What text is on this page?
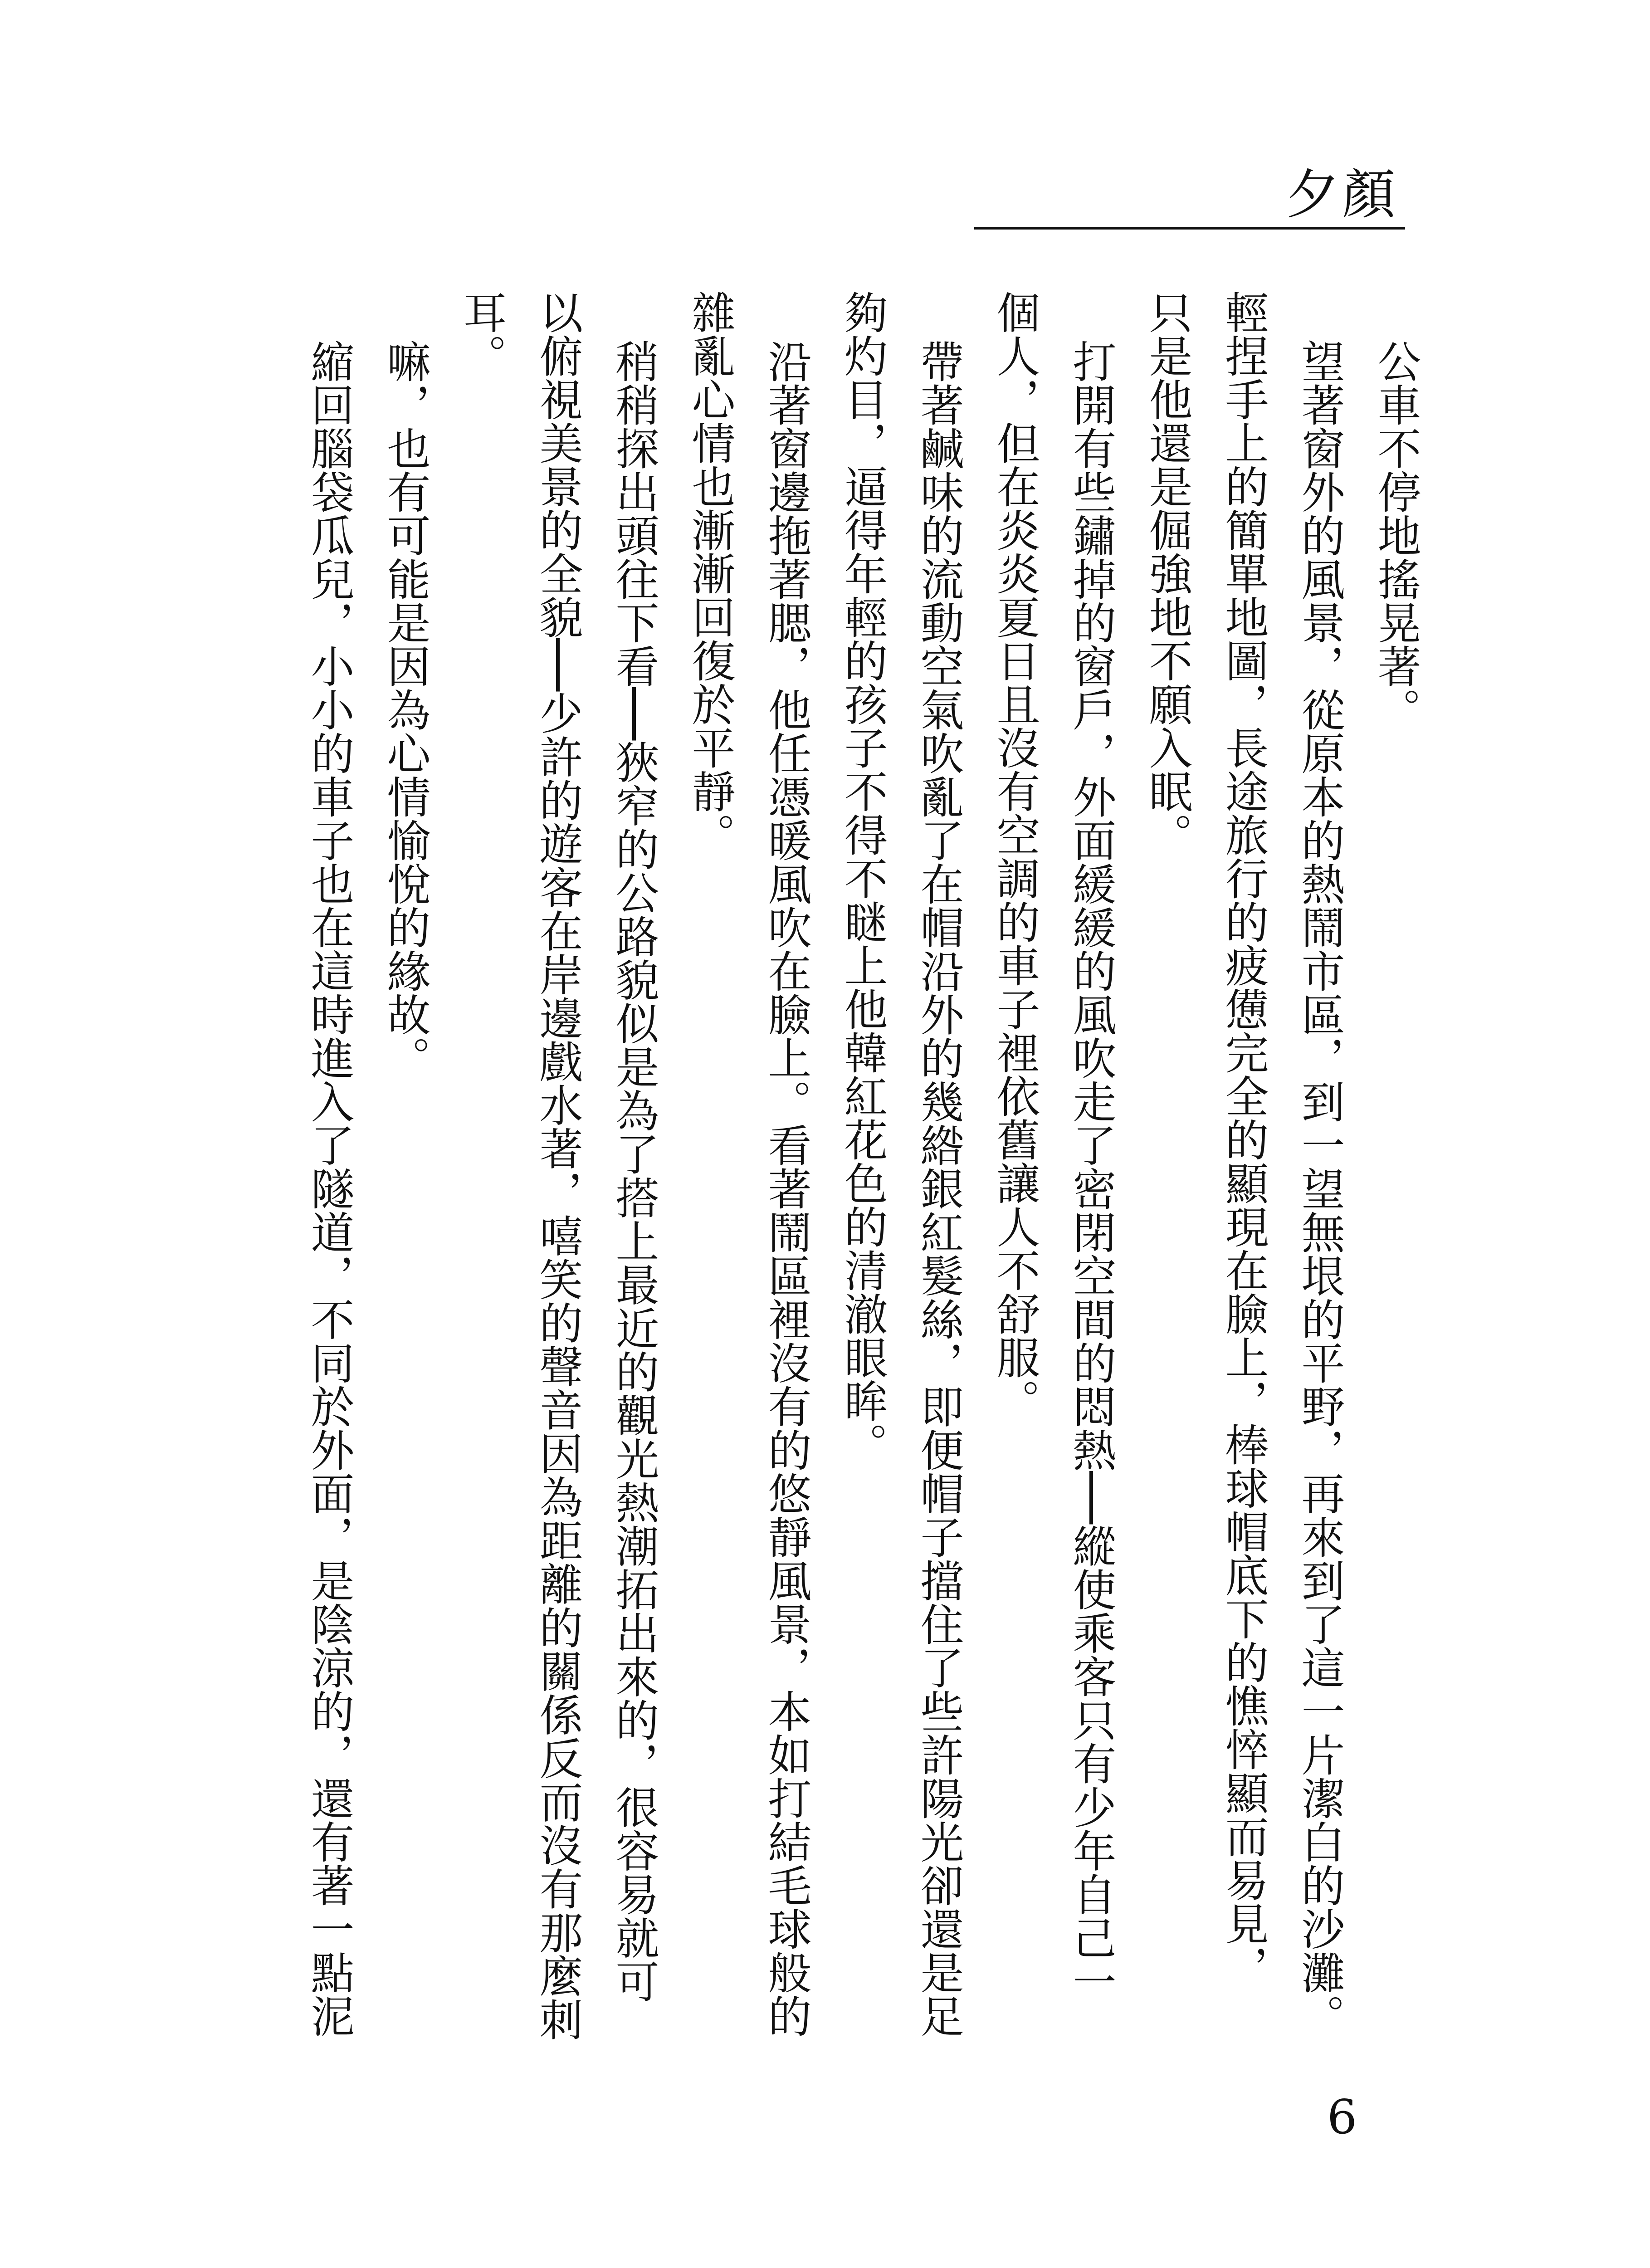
夕顏
公車不停地搖晃著。
望著窗外的風景，從原本的熱鬧市區，到一望無垠的平野，再來到了這一片潔白的沙灘。
輕捏手上的簡單地圖，長途旅行的疲憊完全的顯現在臉上，棒球帽底下的憔悴顯而易見，
只是他還是倔強地不願入眠。
打開有些鏽掉的窗戶，外面緩緩的風吹走了密閉空間的悶熱──縱使乘客只有少年自己一
個人，但在炎炎夏日且沒有空調的車子裡依舊讓人不舒服。
帶著鹹味的流動空氣吹亂了在帽沿外的幾綹銀紅髮絲，即便帽子擋住了些許陽光卻還是足
夠灼目，逼得年輕的孩子不得不瞇上他韓紅花色的清澈眼眸。
沿著窗邊拖著腮，他任憑暖風吹在臉上。看著鬧區裡沒有的悠靜風景，本如打結毛球般的
雜亂心情也漸漸回復於平靜。
稍稍探出頭往下看──狹窄的公路貌似是為了搭上最近的觀光熱潮拓出來的，很容易就可
以俯視美景的全貌──少許的遊客在岸邊戲水著，嘻笑的聲音因為距離的關係反而沒有那麼刺
耳。
嘛，也有可能是因為心情愉悅的緣故。
縮回腦袋瓜兒，小小的車子也在這時進入了隧道，不同於外面，是陰涼的，還有著一點泥
6
